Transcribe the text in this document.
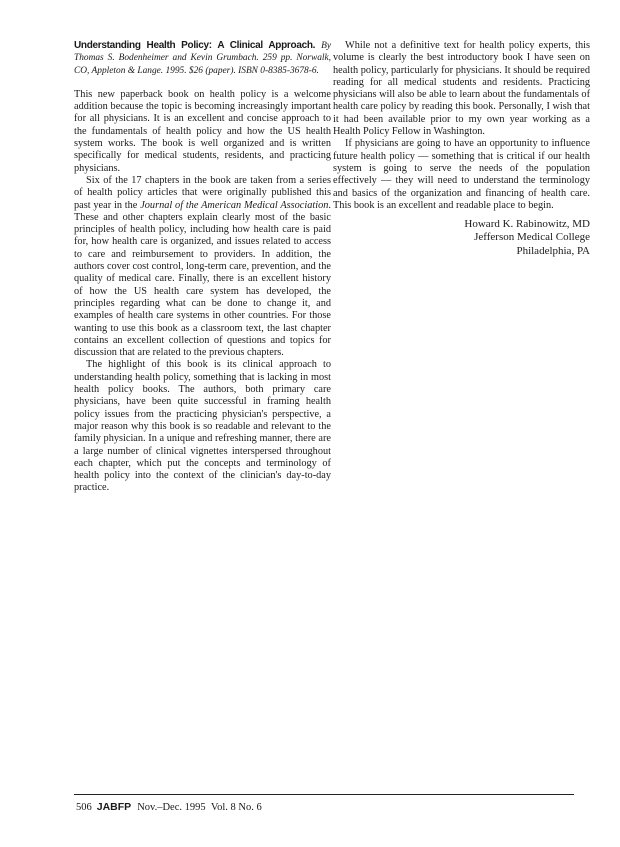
Understanding Health Policy: A Clinical Approach. By Thomas S. Bodenheimer and Kevin Grumbach. 259 pp. Norwalk, CO, Appleton & Lange. 1995. $26 (paper). ISBN 0-8385-3678-6.

This new paperback book on health policy is a welcome addition because the topic is becoming increasingly important for all physicians. It is an excellent and concise approach to the fundamentals of health policy and how the US health system works. The book is well organized and is written specifically for medical students, residents, and practicing physicians.

Six of the 17 chapters in the book are taken from a series of health policy articles that were originally published this past year in the Journal of the American Medical Association. These and other chapters explain clearly most of the basic principles of health policy, including how health care is paid for, how health care is organized, and issues related to access to care and reimbursement to providers. In addition, the authors cover cost control, long-term care, prevention, and the quality of medical care. Finally, there is an excellent history of how the US health care system has developed, the principles regarding what can be done to change it, and examples of health care systems in other countries. For those wanting to use this book as a classroom text, the last chapter contains an excellent collection of questions and topics for discussion that are related to the previous chapters.

The highlight of this book is its clinical approach to understanding health policy, something that is lacking in most health policy books. The authors, both primary care physicians, have been quite successful in framing health policy issues from the practicing physician's perspective, a major reason why this book is so readable and relevant to the family physician. In a unique and refreshing manner, there are a large number of clinical vignettes interspersed throughout each chapter, which put the concepts and terminology of health policy into the context of the clinician's day-to-day practice.

While not a definitive text for health policy experts, this volume is clearly the best introductory book I have seen on health policy, particularly for physicians. It should be required reading for all medical students and residents. Practicing physicians will also be able to learn about the fundamentals of health care policy by reading this book. Personally, I wish that it had been available prior to my own year working as a Health Policy Fellow in Washington.

If physicians are going to have an opportunity to influence future health policy — something that is critical if our health system is going to serve the needs of the population effectively — they will need to understand the terminology and basics of the organization and financing of health care. This book is an excellent and readable place to begin.

Howard K. Rabinowitz, MD
Jefferson Medical College
Philadelphia, PA
506 JABFP Nov.–Dec. 1995 Vol. 8 No. 6
